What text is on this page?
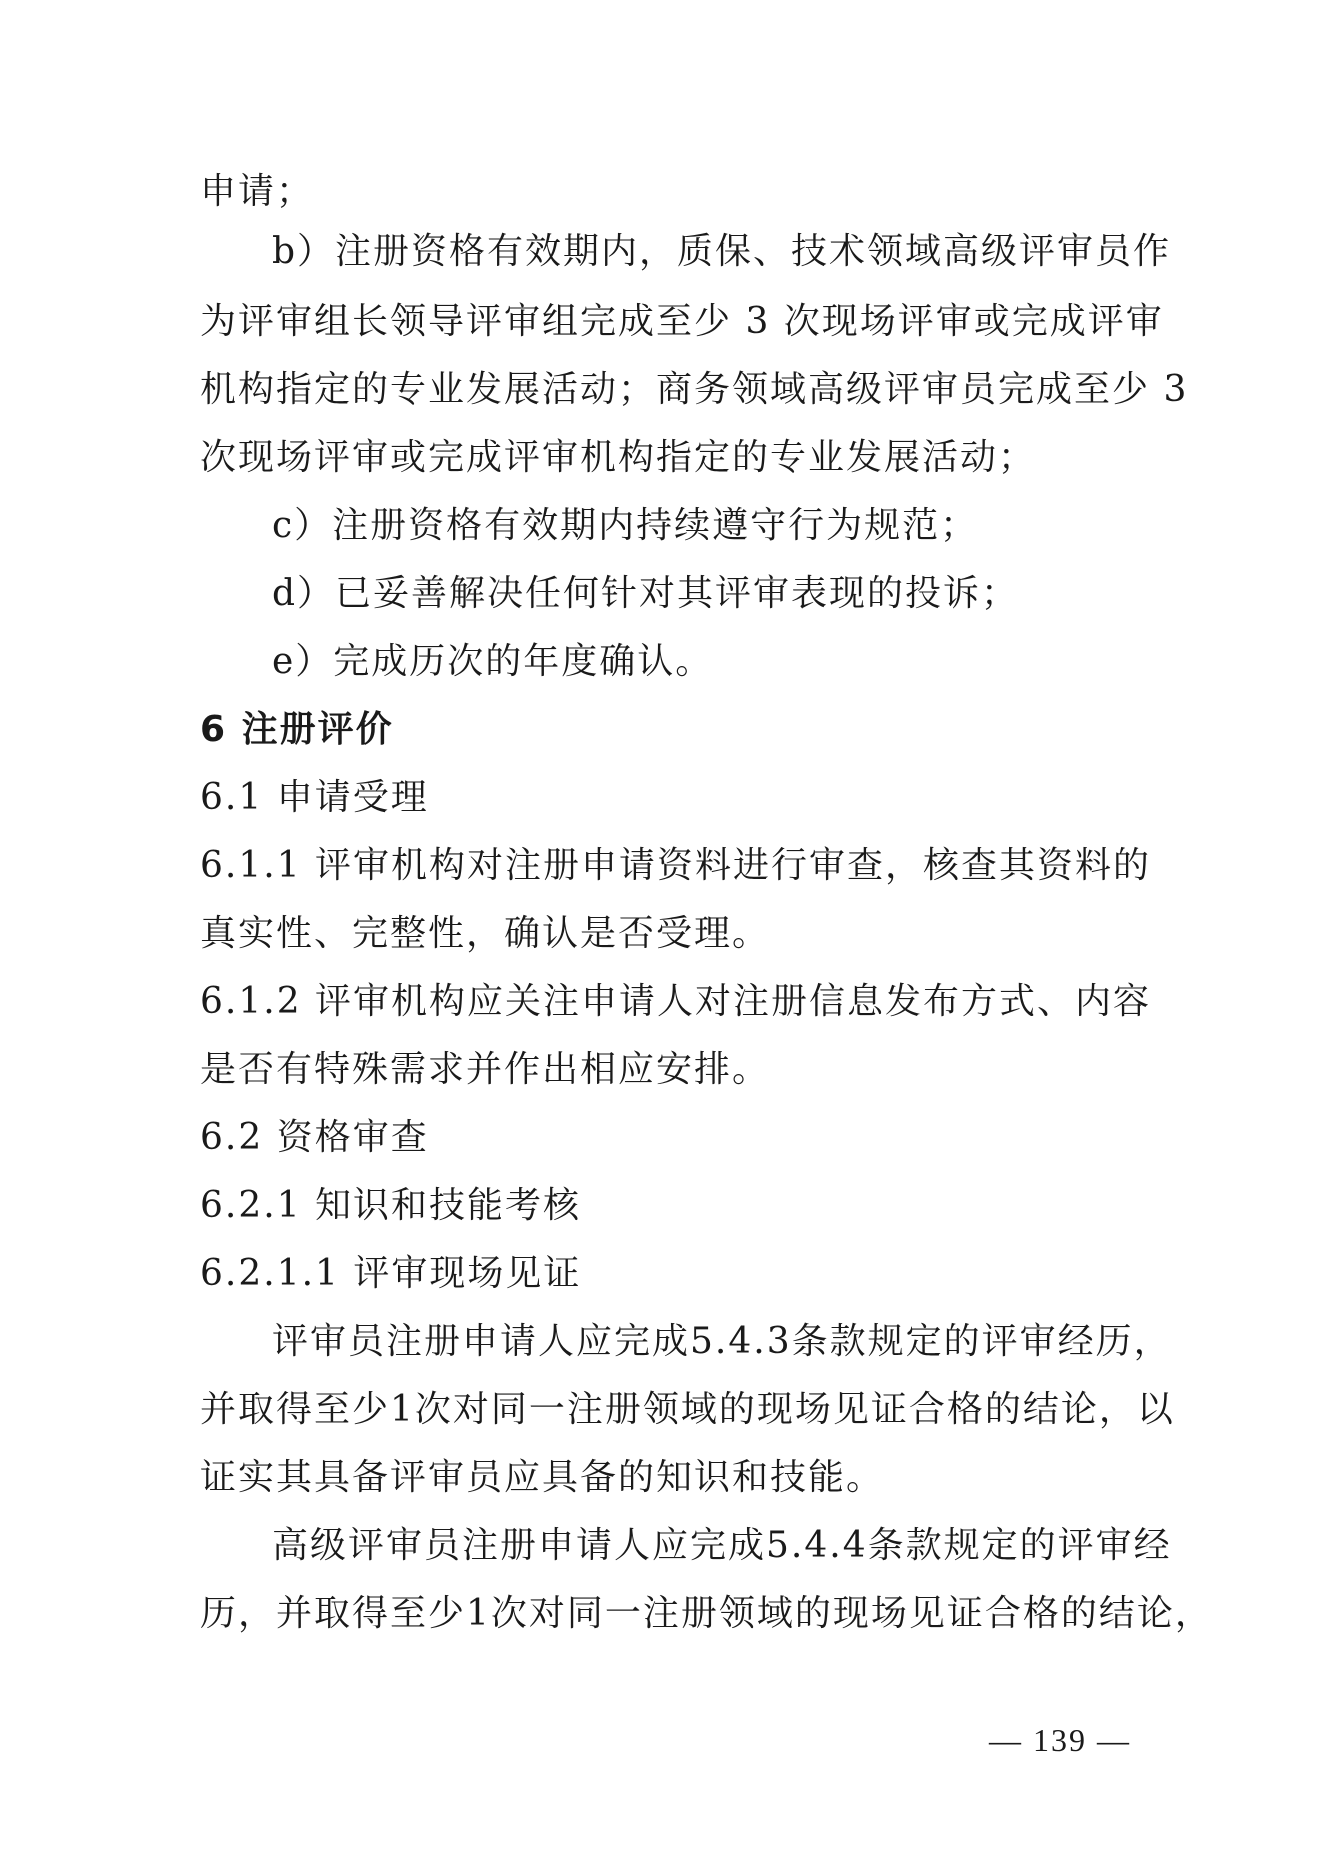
申请；
b）注册资格有效期内，质保、技术领域高级评审员作
为评审组长领导评审组完成至少 3 次现场评审或完成评审
机构指定的专业发展活动；商务领域高级评审员完成至少 3
次现场评审或完成评审机构指定的专业发展活动；
c）注册资格有效期内持续遵守行为规范；
d）已妥善解决任何针对其评审表现的投诉；
e）完成历次的年度确认。
6 注册评价
6.1 申请受理
6.1.1 评审机构对注册申请资料进行审查，核查其资料的
真实性、完整性，确认是否受理。
6.1.2 评审机构应关注申请人对注册信息发布方式、内容
是否有特殊需求并作出相应安排。
6.2 资格审查
6.2.1 知识和技能考核
6.2.1.1 评审现场见证
评审员注册申请人应完成5.4.3条款规定的评审经历，
并取得至少1次对同一注册领域的现场见证合格的结论，以
证实其具备评审员应具备的知识和技能。
高级评审员注册申请人应完成5.4.4条款规定的评审经
历，并取得至少1次对同一注册领域的现场见证合格的结论，
— 139 —
